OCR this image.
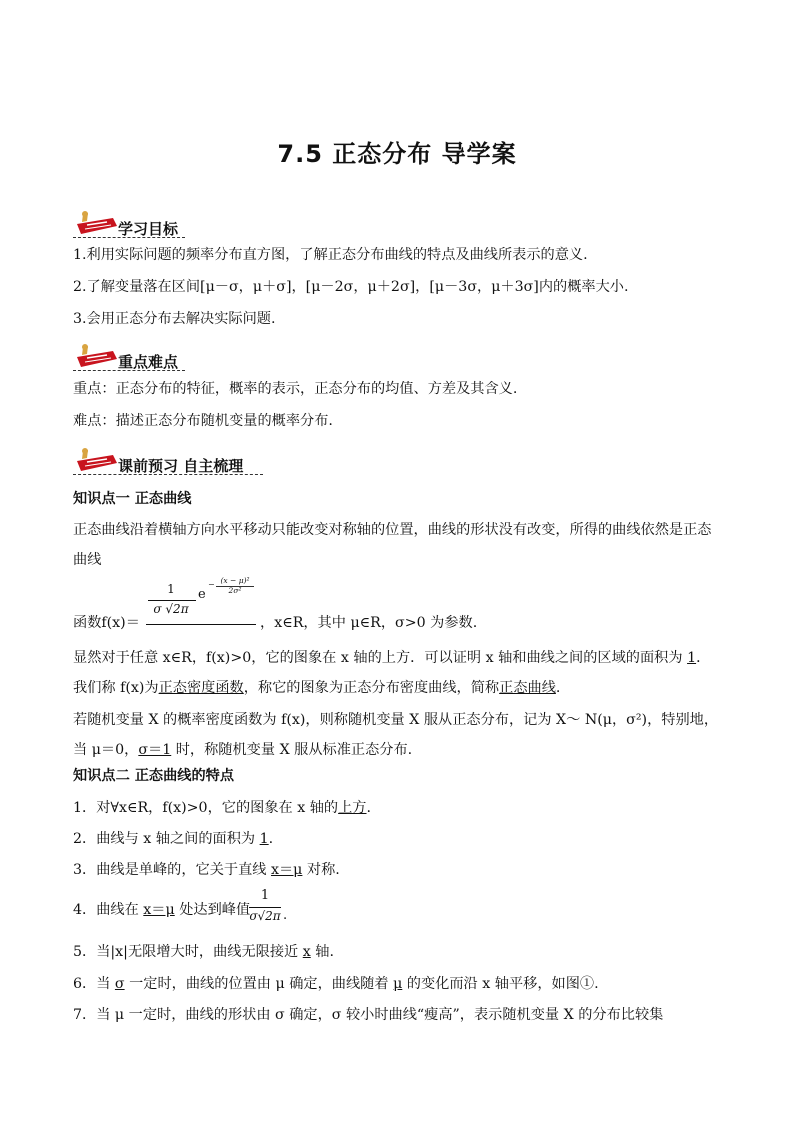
7.5 正态分布 导学案
学习目标
1.利用实际问题的频率分布直方图，了解正态分布曲线的特点及曲线所表示的意义.
2.了解变量落在区间[μ－σ，μ＋σ]，[μ－2σ，μ＋2σ]，[μ－3σ，μ＋3σ]内的概率大小.
3.会用正态分布去解决实际问题.
重点难点
重点：正态分布的特征，概率的表示，正态分布的均值、方差及其含义.
难点：描述正态分布随机变量的概率分布.
课前预习 自主梳理
知识点一 正态曲线
正态曲线沿着横轴方向水平移动只能改变对称轴的位置，曲线的形状没有改变，所得的曲线依然是正态曲线
函数f(x)＝
1
σ √2π
e
− (x − μ)²
2σ²
，x∈R，其中 μ∈R，σ>0 为参数.
显然对于任意 x∈R，f(x)>0，它的图象在 x 轴的上方．可以证明 x 轴和曲线之间的区域的面积为 1．我们称 f(x)为正态密度函数，称它的图象为正态分布密度曲线，简称正态曲线.
若随机变量 X 的概率密度函数为 f(x)，则称随机变量 X 服从正态分布，记为 X～ N(μ，σ²)，特别地，当 μ＝0，σ＝1 时，称随机变量 X 服从标准正态分布.
知识点二 正态曲线的特点
1．对∀x∈R，f(x)>0，它的图象在 x 轴的上方.
2．曲线与 x 轴之间的面积为 1.
3．曲线是单峰的，它关于直线 x＝μ 对称.
4．曲线在 x＝μ 处达到峰值
1
σ√2π .
5．当|x|无限增大时，曲线无限接近 x 轴.
6．当 σ 一定时，曲线的位置由 μ 确定，曲线随着 μ 的变化而沿 x 轴平移，如图①.
7．当 μ 一定时，曲线的形状由 σ 确定，σ 较小时曲线“瘦高”，表示随机变量 X 的分布比较集
